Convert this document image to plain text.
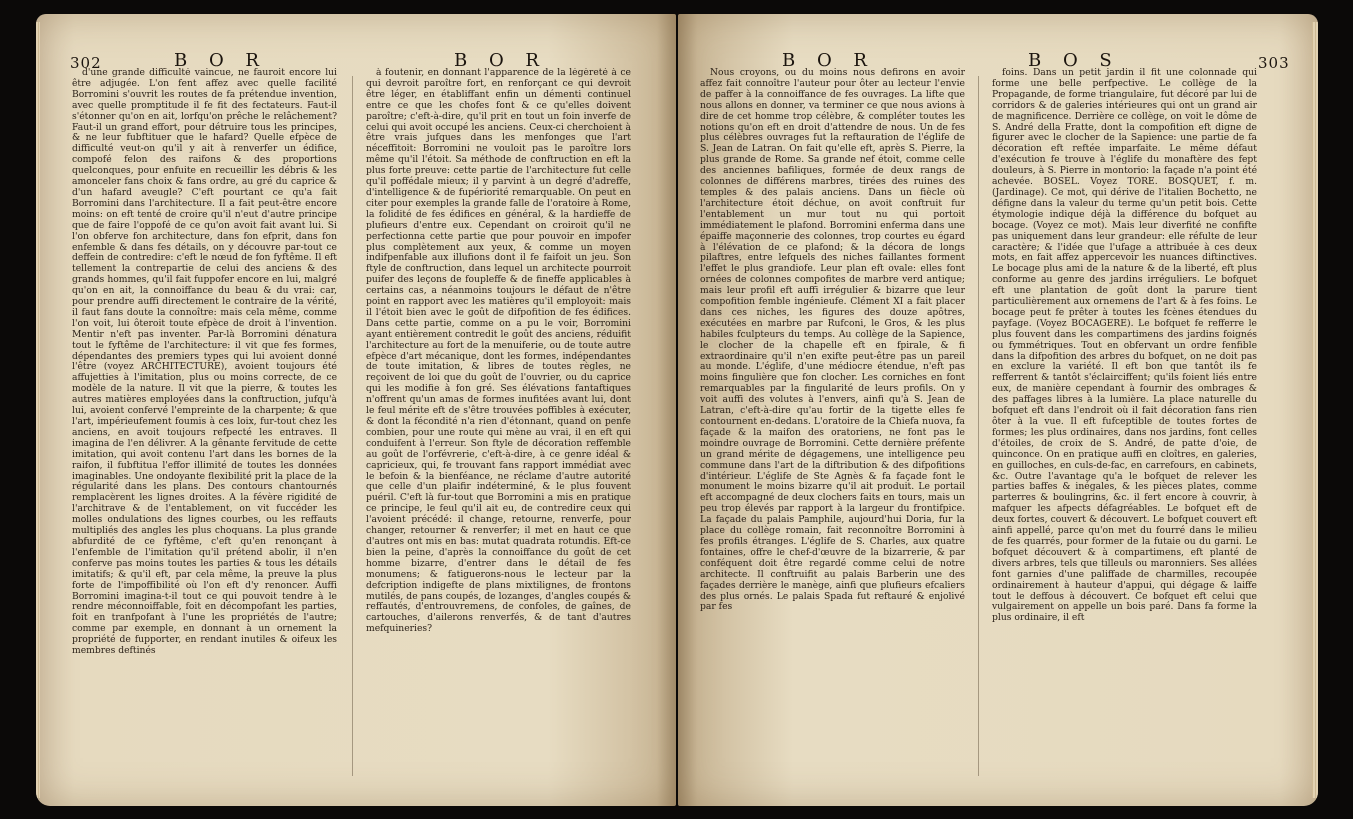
302	B O R	B O R

d'une grande difficulté vaincue, ne fauroit encore lui être adjugée. L'on fent affez avec quelle facilité Borromini s'ouvrit les routes de fa prétendue invention, avec quelle promptitude il fe fit des fectateurs. Faut-il s'étonner qu'on en ait, lorfqu'on prêche le relâchement? Faut-il un grand effort, pour détruire tous les principes, & ne leur fubftituer que le hafard? Quelle efpèce de difficulté veut-on qu'il y ait à renverfer un édifice, compofé felon des raifons & des proportions quelconques, pour enfuite en recueillir les débris & les amonceler fans choix & fans ordre, au gré du caprice & d'un hafard aveugle? C'eft pourtant ce qu'a fait Borromini dans l'architecture. Il a fait peut-être encore moins: on eft tenté de croire qu'il n'eut d'autre principe que de faire l'oppofé de ce qu'on avoit fait avant lui. Si l'on obferve fon architecture, dans fon efprit, dans fon enfemble & dans fes détails, on y découvre par-tout ce deffein de contredire: c'eft le nœud de fon fyftême. Il eft tellement la contrepartie de celui des anciens & des grands hommes, qu'il fait fuppofer encore en lui, malgré qu'on en ait, la connoiffance du beau & du vrai: car, pour prendre auffi directement le contraire de la vérité, il faut fans doute la connoître: mais cela même, comme l'on voit, lui ôteroit toute efpèce de droit à l'invention. Mentir n'eft pas inventer. Par-là Borromini dénatura tout le fyftême de l'architecture: il vit que fes formes, dépendantes des premiers types qui lui avoient donné l'être (voyez ARCHITECTURE), avoient toujours été affujetties à l'imitation, plus ou moins correcte, de ce modèle de la nature. Il vit que la pierre, & toutes les autres matières employées dans la conftruction, jufqu'à lui, avoient confervé l'empreinte de la charpente; & que l'art, impérieufement foumis à ces loix, fur-tout chez les anciens, en avoit toujours refpecté les entraves. Il imagina de l'en délivrer. A la gênante fervitude de cette imitation, qui avoit contenu l'art dans les bornes de la raifon, il fubftitua l'effor illimité de toutes les données imaginables. Une ondoyante flexibilité prit la place de la régularité dans les plans. Des contours chantournés remplacèrent les lignes droites. A la févère rigidité de l'architrave & de l'entablement, on vit fuccéder les molles ondulations des lignes courbes, ou les reffauts multipliés des angles les plus choquans. La plus grande abfurdité de ce fyftême, c'eft qu'en renonçant à l'enfemble de l'imitation qu'il prétend abolir, il n'en conferve pas moins toutes les parties & tous les détails imitatifs; & qu'il eft, par cela même, la preuve la plus forte de l'impoffibilité où l'on eft d'y renoncer. Auffi Borromini imagina-t-il tout ce qui pouvoit tendre à le rendre méconnoiffable, foit en décompofant les parties, foit en tranfpofant à l'une les propriétés de l'autre; comme par exemple, en donnant à un ornement la propriété de fupporter, en rendant inutiles & oifeux les membres deftinés

à foutenir, en donnant l'apparence de la légèreté à ce qui devroit paroître fort, en renforçant ce qui devroit être léger, en établiffant enfin un démenti continuel entre ce que les chofes font & ce qu'elles doivent paroître; c'eft-à-dire, qu'il prit en tout un foin inverfe de celui qui avoit occupé les anciens. Ceux-ci cherchoient à être vrais jufques dans les menfonges que l'art néceffitoit: Borromini ne vouloit pas le paroître lors même qu'il l'étoit. Sa méthode de conftruction en eft la plus forte preuve: cette partie de l'architecture fut celle qu'il poffédale mieux; il y parvint à un degré d'adreffe, d'intelligence & de fupériorité remarquable. On peut en citer pour exemples la grande falle de l'oratoire à Rome, la folidité de fes édifices en général, & la hardieffe de plufieurs d'entre eux. Cependant on croiroit qu'il ne perfectionna cette partie que pour pouvoir en impofer plus complètement aux yeux, & comme un moyen indifpenfable aux illufions dont il fe faifoit un jeu. Son ftyle de conftruction, dans lequel un architecte pourroit puifer des leçons de foupleffe & de fineffe applicables à certains cas, a néanmoins toujours le défaut de n'être point en rapport avec les matières qu'il employoit: mais il l'étoit bien avec le goût de difpofition de fes édifices. Dans cette partie, comme on a pu le voir, Borromini ayant entièrement contredit le goût des anciens, réduifit l'architecture au fort de la menuiferie, ou de toute autre efpèce d'art mécanique, dont les formes, indépendantes de toute imitation, & libres de toutes règles, ne reçoivent de loi que du goût de l'ouvrier, ou du caprice qui les modifie à fon gré. Ses élévations fantaftiques n'offrent qu'un amas de formes inufitées avant lui, dont le feul mérite eft de s'être trouvées poffibles à exécuter, & dont la fécondité n'a rien d'étonnant, quand on penfe combien, pour une route qui mène au vrai, il en eft qui conduifent à l'erreur. Son ftyle de décoration reffemble au goût de l'orfévrerie, c'eft-à-dire, à ce genre idéal & capricieux, qui, fe trouvant fans rapport immédiat avec le befoin & la bienféance, ne réclame d'autre autorité que celle d'un plaifir indéterminé, & le plus fouvent puéril. C'eft là fur-tout que Borromini a mis en pratique ce principe, le feul qu'il ait eu, de contredire ceux qui l'avoient précédé: il change, retourne, renverfe, pour changer, retourner & renverfer; il met en haut ce que d'autres ont mis en bas: mutat quadrata rotundis. Eft-ce bien la peine, d'après la connoiffance du goût de cet homme bizarre, d'entrer dans le détail de fes monumens; & fatiguerons-nous le lecteur par la defcription indigefte de plans mixtilignes, de frontons mutilés, de pans coupés, de lozanges, d'angles coupés & reffautés, d'entrouvremens, de confoles, de gaînes, de cartouches, d'ailerons renverfés, & de tant d'autres mefquineries?

B O R	B O S	303

Nous croyons, ou du moins nous defirons en avoir affez fait connoître l'auteur pour ôter au lecteur l'envie de paffer à la connoiffance de fes ouvrages. La lifte que nous allons en donner, va terminer ce que nous avions à dire de cet homme trop célèbre, & compléter toutes les notions qu'on eft en droit d'attendre de nous. Un de fes plus célèbres ouvrages fut la reftauration de l'églife de S. Jean de Latran. On fait qu'elle eft, après S. Pierre, la plus grande de Rome. Sa grande nef étoit, comme celle des anciennes bafiliques, formée de deux rangs de colonnes de différens marbres, tirées des ruines des temples & des palais anciens. Dans un fiècle où l'architecture étoit déchue, on avoit conftruit fur l'entablement un mur tout nu qui portoit immédiatement le plafond. Borromini enferma dans une épaiffe maçonnerie des colonnes, trop courtes eu égard à l'élévation de ce plafond; & la décora de longs pilaftres, entre lefquels des niches faillantes forment l'effet le plus grandiofe. Leur plan eft ovale: elles font ornées de colonnes compofites de marbre verd antique; mais leur profil eft auffi irrégulier & bizarre que leur compofition femble ingénieufe. Clément XI a fait placer dans ces niches, les figures des douze apôtres, exécutées en marbre par Rufconi, le Gros, & les plus habiles fculpteurs du temps. Au collège de la Sapience, le clocher de la chapelle eft en fpirale, & fi extraordinaire qu'il n'en exifte peut-être pas un pareil au monde. L'églife, d'une médiocre étendue, n'eft pas moins fingulière que fon clocher. Les corniches en font remarquables par la fingularité de leurs profils. On y voit auffi des volutes à l'envers, ainfi qu'à S. Jean de Latran, c'eft-à-dire qu'au fortir de la tigette elles fe contournent en-dedans. L'oratoire de la Chiefa nuova, fa façade & la maifon des oratoriens, ne font pas le moindre ouvrage de Borromini. Cette dernière préfente un grand mérite de dégagemens, une intelligence peu commune dans l'art de la diftribution & des difpofitions d'intérieur. L'églife de Ste Agnès & fa façade font le monument le moins bizarre qu'il ait produit. Le portail eft accompagné de deux clochers faits en tours, mais un peu trop élevés par rapport à la largeur du frontifpice. La façade du palais Pamphile, aujourd'hui Doria, fur la place du collège romain, fait reconnoître Borromini à fes profils étranges. L'églife de S. Charles, aux quatre fontaines, offre le chef-d'œuvre de la bizarrerie, & par conféquent doit être regardé comme celui de notre architecte. Il conftruifit au palais Barberin une des façades derrière le manège, ainfi que plufieurs efcaliers des plus ornés. Le palais Spada fut reftauré & enjolivé par fes

foins. Dans un petit jardin il fit une colonnade qui forme une belle perfpective. Le collège de la Propagande, de forme triangulaire, fut décoré par lui de corridors & de galeries intérieures qui ont un grand air de magnificence. Derrière ce collège, on voit le dôme de S. André della Fratte, dont la compofition eft digne de figurer avec le clocher de la Sapience: une partie de fa décoration eft reftée imparfaite. Le même défaut d'exécution fe trouve à l'églife du monaftère des fept douleurs, à S. Pierre in montorio: la façade n'a point été achevée. BOSEL. Voyez TORE. BOSQUET, f. m. (Jardinage). Ce mot, qui dérive de l'italien Bochetto, ne défigne dans la valeur du terme qu'un petit bois. Cette étymologie indique déjà la différence du bofquet au bocage. (Voyez ce mot). Mais leur diverfité ne confifte pas uniquement dans leur grandeur: elle réfulte de leur caractère; & l'idée que l'ufage a attribuée à ces deux mots, en fait affez appercevoir les nuances diftinctives. Le bocage plus ami de la nature & de la liberté, eft plus conforme au genre des jardins irréguliers. Le bofquet eft une plantation de goût dont la parure tient particulièrement aux ornemens de l'art & à fes foins. Le bocage peut fe prêter à toutes les fcènes étendues du payfage. (Voyez BOCAGERE). Le bofquet fe refferre le plus fouvent dans les compartimens des jardins foignés ou fymmétriques. Tout en obfervant un ordre fenfible dans la difpofition des arbres du bofquet, on ne doit pas en exclure la variété. Il eft bon que tantôt ils fe refferrent & tantôt s'éclairciffent; qu'ils foient liés entre eux, de manière cependant à fournir des ombrages & des paffages libres à la lumière. La place naturelle du bofquet eft dans l'endroit où il fait décoration fans rien ôter à la vue. Il eft fufceptible de toutes fortes de formes; les plus ordinaires, dans nos jardins, font celles d'étoiles, de croix de S. André, de patte d'oie, de quinconce. On en pratique auffi en cloîtres, en galeries, en guilloches, en culs-de-fac, en carrefours, en cabinets, &c. Outre l'avantage qu'a le bofquet de relever les parties baffes & inégales, & les pièces plates, comme parterres & boulingrins, &c. il fert encore à couvrir, à mafquer les afpects défagréables. Le bofquet eft de deux fortes, couvert & découvert. Le bofquet couvert eft ainfi appellé, parce qu'on met du fourré dans le milieu de fes quarrés, pour former de la futaie ou du garni. Le bofquet découvert & à compartimens, eft planté de divers arbres, tels que tilleuls ou maronniers. Ses allées font garnies d'une paliffade de charmilles, recoupée ordinairement à hauteur d'appui, qui dégage & laiffe tout le deffous à découvert. Ce bofquet eft celui que vulgairement on appelle un bois paré. Dans fa forme la plus ordinaire, il eft
